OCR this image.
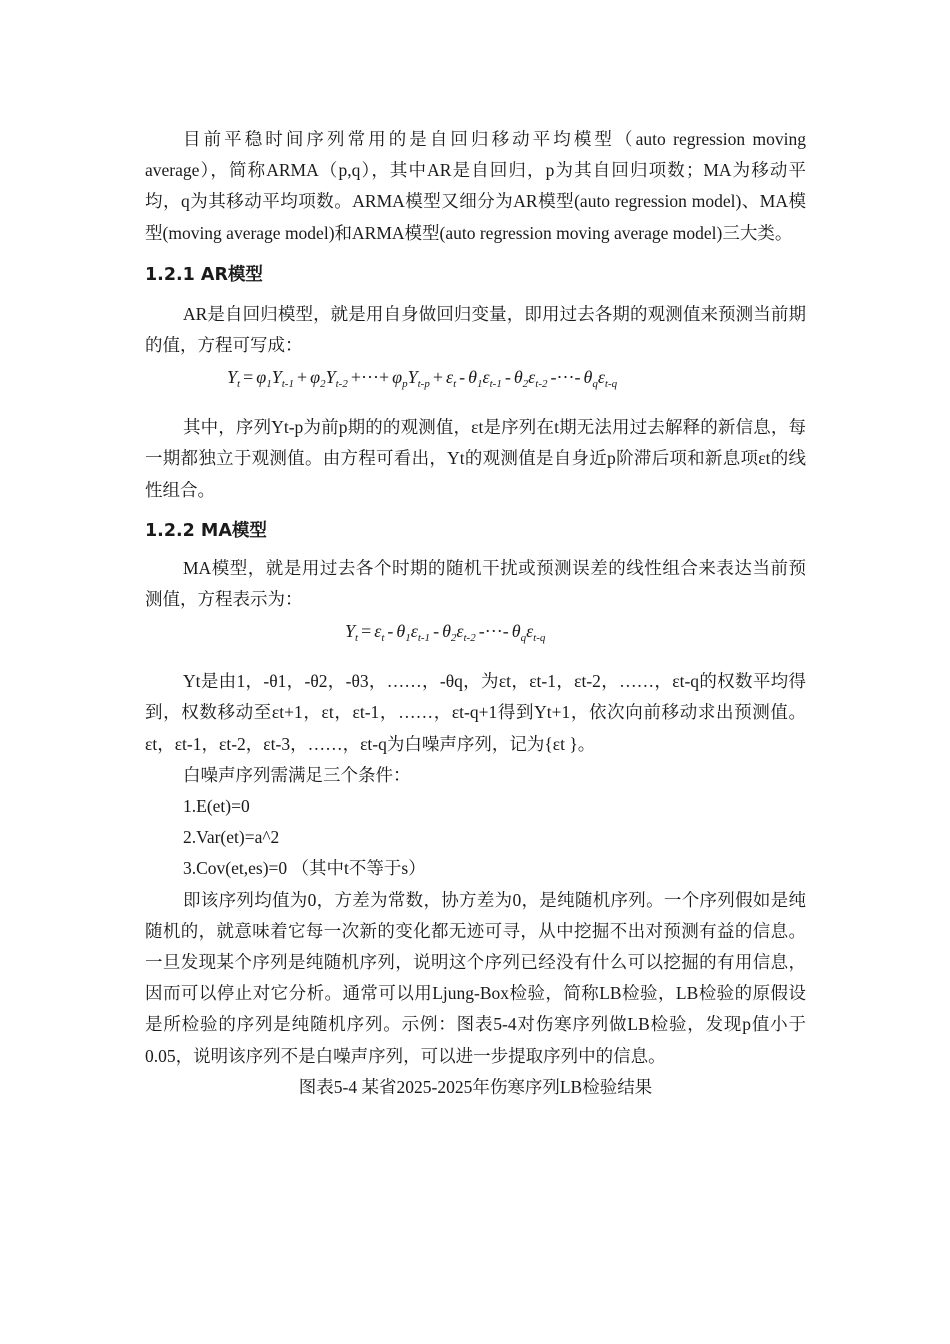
目前平稳时间序列常用的是自回归移动平均模型（auto regression moving average），简称ARMA（p,q），其中AR是自回归，p为其自回归项数；MA为移动平均，q为其移动平均项数。ARMA模型又细分为AR模型(auto regression model)、MA模型(moving average model)和ARMA模型(auto regression moving average model)三大类。

1.2.1 AR模型

AR是自回归模型，就是用自身做回归变量，即用过去各期的观测值来预测当前期的值，方程可写成：

$Y_t = \varphi_1Y_{t-1} + \varphi_2Y_{t-2}$ +···+ $\varphi_pY_{t-p} + \varepsilon_t - \theta_1\varepsilon_{t-1} - \theta_2\varepsilon_{t-2}$ -···- $\theta_q\varepsilon_{t-q}$

其中，序列Yt-p为前p期的的观测值，εt是序列在t期无法用过去解释的新信息，每一期都独立于观测值。由方程可看出，Yt的观测值是自身近p阶滞后项和新息项εt的线性组合。

1.2.2 MA模型

MA模型，就是用过去各个时期的随机干扰或预测误差的线性组合来表达当前预测值，方程表示为：

$Y_t = \varepsilon_t - \theta_1\varepsilon_{t-1} - \theta_2\varepsilon_{t-2}$ -···- $\theta_q\varepsilon_{t-q}$

Yt是由1，-θ1，-θ2，-θ3，……，-θq，为εt，εt-1，εt-2，……，εt-q的权数平均得到，权数移动至εt+1，εt，εt-1，……，εt-q+1得到Yt+1，依次向前移动求出预测值。εt，εt-1，εt-2，εt-3，……，εt-q为白噪声序列，记为{εt }。

白噪声序列需满足三个条件：

1.E(et)=0

2.Var(et)=a^2

3.Cov(et,es)=0 （其中t不等于s）

即该序列均值为0，方差为常数，协方差为0，是纯随机序列。一个序列假如是纯随机的，就意味着它每一次新的变化都无迹可寻，从中挖掘不出对预测有益的信息。一旦发现某个序列是纯随机序列，说明这个序列已经没有什么可以挖掘的有用信息，因而可以停止对它分析。通常可以用Ljung-Box检验，简称LB检验，LB检验的原假设是所检验的序列是纯随机序列。示例：图表5-4对伤寒序列做LB检验，发现p值小于0.05，说明该序列不是白噪声序列，可以进一步提取序列中的信息。

图表5-4 某省2025-2025年伤寒序列LB检验结果
